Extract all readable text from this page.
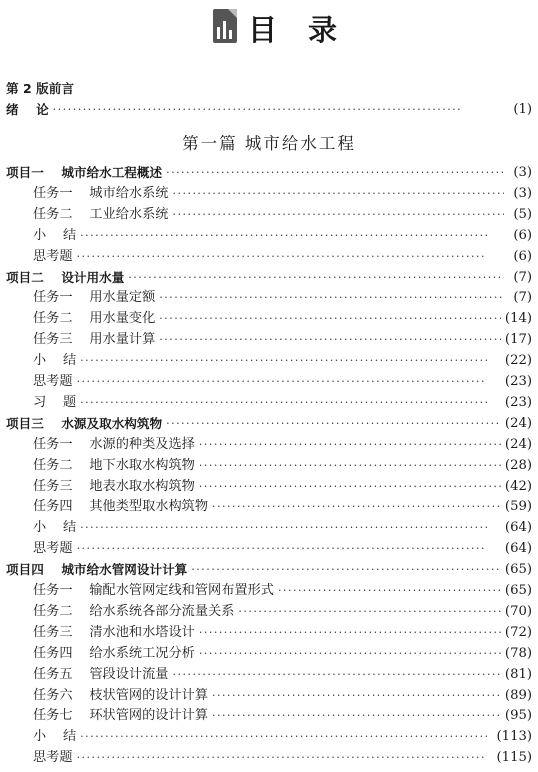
目录
第 2 版前言
绪    论 · · ·	(1)
第一篇 城市给水工程
项目一    城市给水工程概述 · · ·	(3)
任务一    城市给水系统 · · ·	(3)
任务二    工业给水系统 · · ·	(5)
小    结 · · ·	(6)
思考题 · · ·	(6)
项目二    设计用水量 · · ·	(7)
任务一    用水量定额 · · ·	(7)
任务二    用水量变化 · · ·	(14)
任务三    用水量计算 · · ·	(17)
小    结 · · ·	(22)
思考题 · · ·	(23)
习    题 · · ·	(23)
项目三    水源及取水构筑物 · · ·	(24)
任务一    水源的种类及选择 · · ·	(24)
任务二    地下水取水构筑物 · · ·	(28)
任务三    地表水取水构筑物 · · ·	(42)
任务四    其他类型取水构筑物 · · ·	(59)
小    结 · · ·	(64)
思考题 · · ·	(64)
项目四    城市给水管网设计计算 · · ·	(65)
任务一    输配水管网定线和管网布置形式 · · ·	(65)
任务二    给水系统各部分流量关系 · · ·	(70)
任务三    清水池和水塔设计 · · ·	(72)
任务四    给水系统工况分析 · · ·	(78)
任务五    管段设计流量 · · ·	(81)
任务六    枝状管网的设计计算 · · ·	(89)
任务七    环状管网的设计计算 · · ·	(95)
小    结 · · ·	(113)
思考题 · · ·	(115)
